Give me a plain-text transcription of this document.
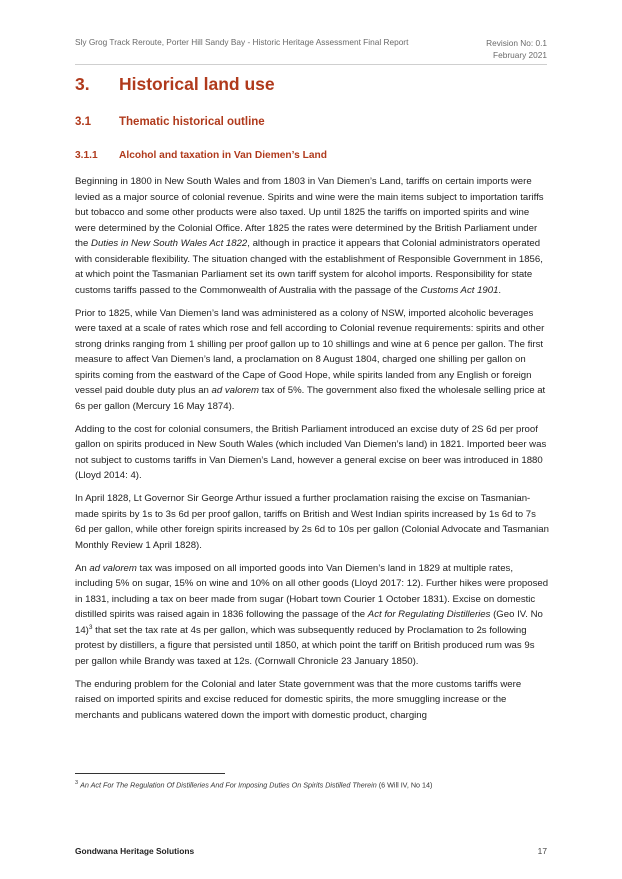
Sly Grog Track Reroute, Porter Hill Sandy Bay - Historic Heritage Assessment Final Report	Revision No: 0.1
February 2021
3. Historical land use
3.1 Thematic historical outline
3.1.1 Alcohol and taxation in Van Diemen’s Land

Beginning in 1800 in New South Wales and from 1803 in Van Diemen’s Land, tariffs on certain imports were levied as a major source of colonial revenue. Spirits and wine were the main items subject to importation tariffs but tobacco and some other products were also taxed. Up until 1825 the tariffs on imported spirits and wine were determined by the Colonial Office. After 1825 the rates were determined by the British Parliament under the Duties in New South Wales Act 1822, although in practice it appears that Colonial administrators operated with considerable flexibility. The situation changed with the establishment of Responsible Government in 1856, at which point the Tasmanian Parliament set its own tariff system for alcohol imports. Responsibility for state customs tariffs passed to the Commonwealth of Australia with the passage of the Customs Act 1901.

Prior to 1825, while Van Diemen’s land was administered as a colony of NSW, imported alcoholic beverages were taxed at a scale of rates which rose and fell according to Colonial revenue requirements: spirits and other strong drinks ranging from 1 shilling per proof gallon up to 10 shillings and wine at 6 pence per gallon. The first measure to affect Van Diemen’s land, a proclamation on 8 August 1804, charged one shilling per gallon on spirits coming from the eastward of the Cape of Good Hope, while spirits landed from any English or foreign vessel paid double duty plus an ad valorem tax of 5%. The government also fixed the wholesale selling price at 6s per gallon (Mercury 16 May 1874).

Adding to the cost for colonial consumers, the British Parliament introduced an excise duty of 2S 6d per proof gallon on spirits produced in New South Wales (which included Van Diemen’s land) in 1821. Imported beer was not subject to customs tariffs in Van Diemen’s Land, however a general excise on beer was introduced in 1880 (Lloyd 2014: 4).

In April 1828, Lt Governor Sir George Arthur issued a further proclamation raising the excise on Tasmanian-made spirits by 1s to 3s 6d per proof gallon, tariffs on British and West Indian spirits increased by 1s 6d to 7s 6d per gallon, while other foreign spirits increased by 2s 6d to 10s per gallon (Colonial Advocate and Tasmanian Monthly Review 1 April 1828).

An ad valorem tax was imposed on all imported goods into Van Diemen’s land in 1829 at multiple rates, including 5% on sugar, 15% on wine and 10% on all other goods (Lloyd 2017: 12). Further hikes were proposed in 1831, including a tax on beer made from sugar (Hobart town Courier 1 October 1831). Excise on domestic distilled spirits was raised again in 1836 following the passage of the Act for Regulating Distilleries (Geo IV. No 14)$^3$ that set the tax rate at 4s per gallon, which was subsequently reduced by Proclamation to 2s following protest by distillers, a figure that persisted until 1850, at which point the tariff on British produced rum was 9s per gallon while Brandy was taxed at 12s. (Cornwall Chronicle 23 January 1850).

The enduring problem for the Colonial and later State government was that the more customs tariffs were raised on imported spirits and excise reduced for domestic spirits, the more smuggling increase or the merchants and publicans watered down the import with domestic product, charging

$^3$ An Act For The Regulation Of Distilleries And For Imposing Duties On Spirits Distilled Therein (6 Will IV, No 14)
Gondwana Heritage Solutions	17
